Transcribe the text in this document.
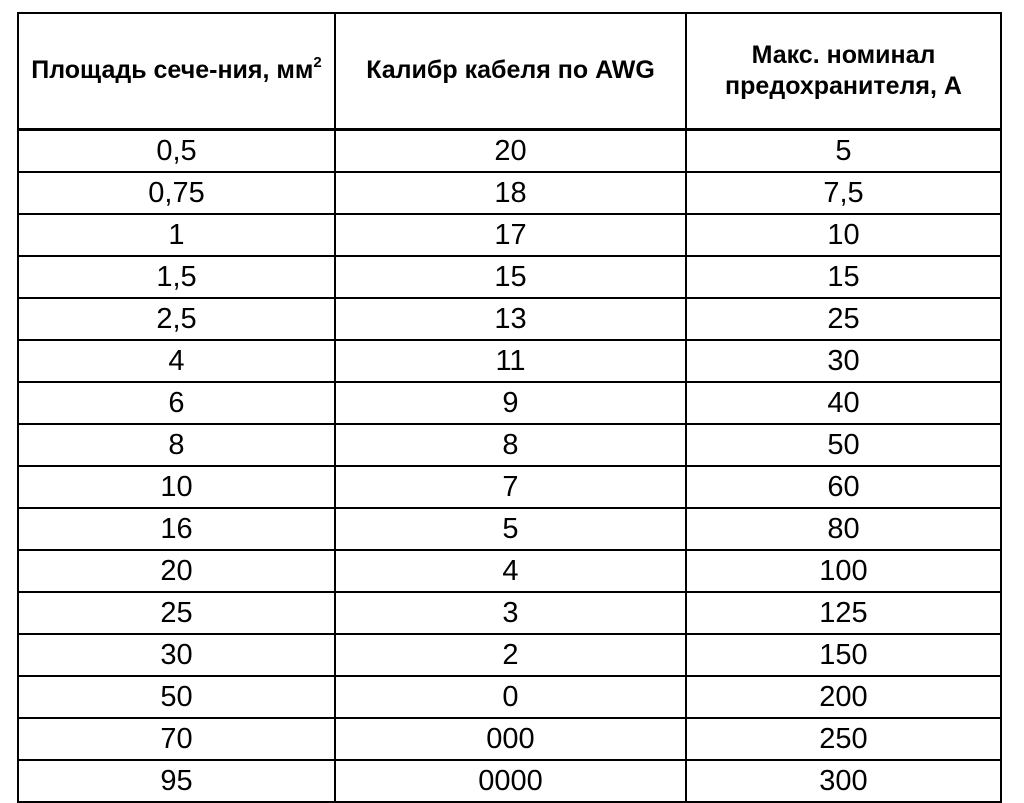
Площадь сече-ния, $мм^2$	Калибр кабеля по AWG	Макс. номинал предохранителя, А
0,5	20	5
0,75	18	7,5
1	17	10
1,5	15	15
2,5	13	25
4	11	30
6	9	40
8	8	50
10	7	60
16	5	80
20	4	100
25	3	125
30	2	150
50	0	200
70	000	250
95	0000	300
